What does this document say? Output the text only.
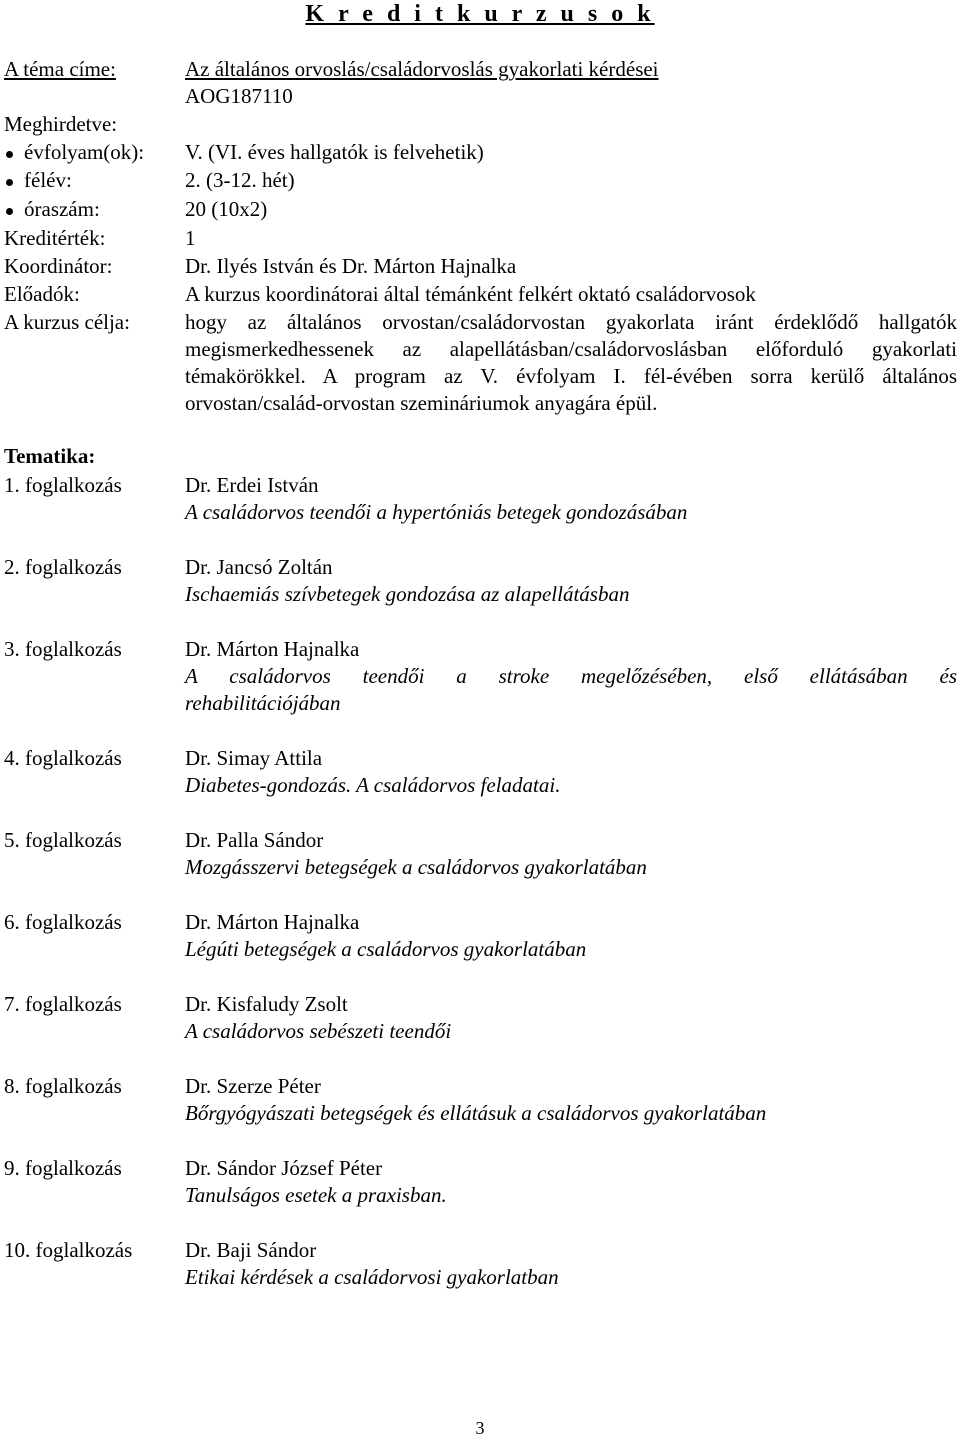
K r e d i t k u r z u s o k
A téma címe:	Az általános orvoslás/családorvoslás gyakorlati kérdései
AOG187110
Meghirdetve:
évfolyam(ok): V. (VI. éves hallgatók is felvehetik)
félév:	2. (3-12. hét)
óraszám:	20 (10x2)
Kreditérték:	1
Koordinátor:	Dr. Ilyés István és Dr. Márton Hajnalka
Előadók:	A kurzus koordinátorai által témánként felkért oktató családorvosok
A kurzus célja:	hogy az általános orvostan/családorvostan gyakorlata iránt érdeklődő hallgatók megismerkedhessenek az alapellátásban/családorvoslásban előforduló gyakorlati témakörökkel. A program az V. évfolyam I. fél-évében sorra kerülő általános orvostan/család-orvostan szemináriumok anyagára épül.
Tematika:
1. foglalkozás	Dr. Erdei István
A családorvos teendői a hypertóniás betegek gondozásában
2. foglalkozás	Dr. Jancsó Zoltán
Ischaemiás szívbetegek gondozása az alapellátásban
3. foglalkozás	Dr. Márton Hajnalka
A családorvos teendői a stroke megelőzésében, első ellátásában és
rehabilitációjában
4. foglalkozás	Dr. Simay Attila
Diabetes-gondozás. A családorvos feladatai.
5. foglalkozás	Dr. Palla Sándor
Mozgásszervi betegségek a családorvos gyakorlatában
6. foglalkozás	Dr. Márton Hajnalka
Légúti betegségek a családorvos gyakorlatában
7. foglalkozás	Dr. Kisfaludy Zsolt
A családorvos sebészeti teendői
8. foglalkozás	Dr. Szerze Péter
Bőrgyógyászati betegségek és ellátásuk a családorvos gyakorlatában
9. foglalkozás	Dr. Sándor József Péter
Tanulságos esetek a praxisban.
10. foglalkozás	Dr. Baji Sándor
Etikai kérdések a családorvosi gyakorlatban
3
